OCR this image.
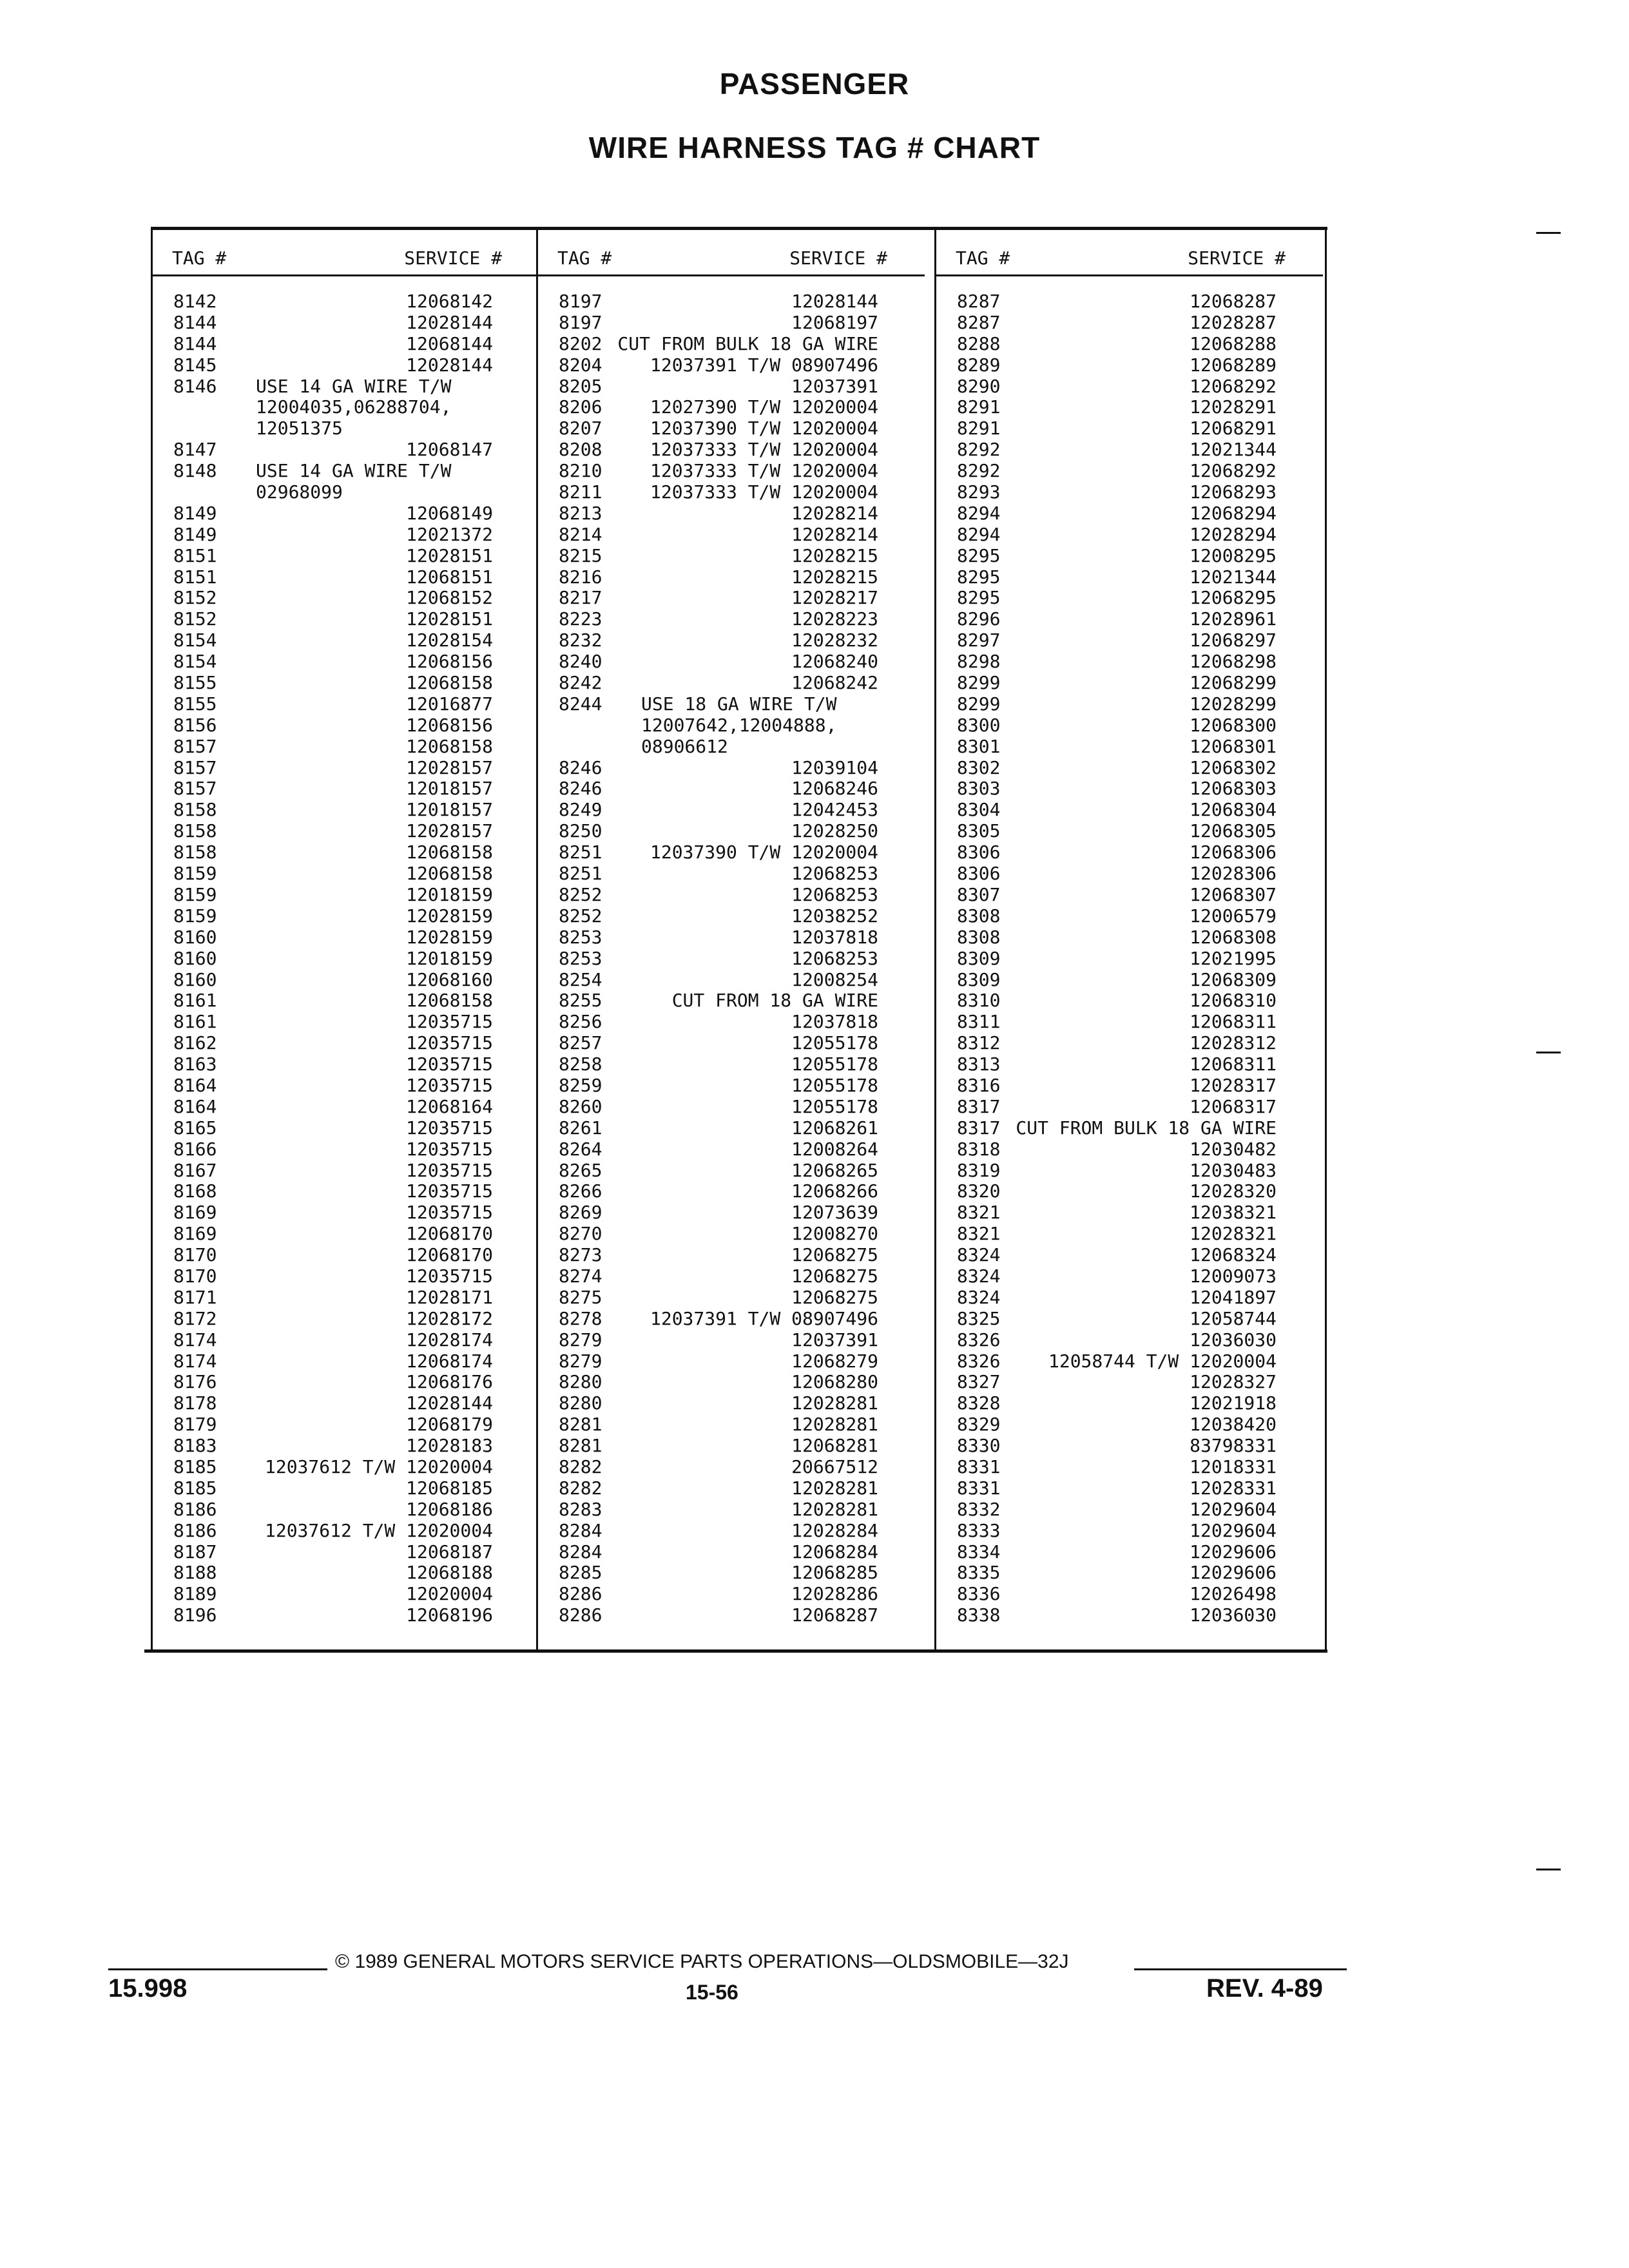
PASSENGER
WIRE HARNESS TAG # CHART
TAG #	SERVICE #
8142	12068142
8144	12028144
8144	12068144
8145	12028144
8146 USE 14 GA WIRE T/W
12004035,06288704,
12051375
8147	12068147
8148 USE 14 GA WIRE T/W
02968099
8149	12068149
8149	12021372
8151	12028151
8151	12068151
8152	12068152
8152	12028151
8154	12028154
8154	12068156
8155	12068158
8155	12016877
8156	12068156
8157	12068158
8157	12028157
8157	12018157
8158	12018157
8158	12028157
8158	12068158
8159	12068158
8159	12018159
8159	12028159
8160	12028159
8160	12018159
8160	12068160
8161	12068158
8161	12035715
8162	12035715
8163	12035715
8164	12035715
8164	12068164
8165	12035715
8166	12035715
8167	12035715
8168	12035715
8169	12035715
8169	12068170
8170	12068170
8170	12035715
8171	12028171
8172	12028172
8174	12028174
8174	12068174
8176	12068176
8178	12028144
8179	12068179
8183	12028183
8185	12037612 T/W 12020004
8185	12068185
8186	12068186
8186	12037612 T/W 12020004
8187	12068187
8188	12068188
8189	12020004
8196	12068196
TAG #	SERVICE #
8197	12028144
8197	12068197
8202 CUT FROM BULK 18 GA WIRE
8204	12037391 T/W 08907496
8205	12037391
8206	12027390 T/W 12020004
8207	12037390 T/W 12020004
8208	12037333 T/W 12020004
8210	12037333 T/W 12020004
8211	12037333 T/W 12020004
8213	12028214
8214	12028214
8215	12028215
8216	12028215
8217	12028217
8223	12028223
8232	12028232
8240	12068240
8242	12068242
8244 USE 18 GA WIRE T/W
12007642,12004888,
08906612
8246	12039104
8246	12068246
8249	12042453
8250	12028250
8251	12037390 T/W 12020004
8251	12068253
8252	12068253
8252	12038252
8253	12037818
8253	12068253
8254	12008254
8255	CUT FROM 18 GA WIRE
8256	12037818
8257	12055178
8258	12055178
8259	12055178
8260	12055178
8261	12068261
8264	12008264
8265	12068265
8266	12068266
8269	12073639
8270	12008270
8273	12068275
8274	12068275
8275	12068275
8278	12037391 T/W 08907496
8279	12037391
8279	12068279
8280	12068280
8280	12028281
8281	12028281
8281	12068281
8282	20667512
8282	12028281
8283	12028281
8284	12028284
8284	12068284
8285	12068285
8286	12028286
8286	12068287
TAG #	SERVICE #
8287	12068287
8287	12028287
8288	12068288
8289	12068289
8290	12068292
8291	12028291
8291	12068291
8292	12021344
8292	12068292
8293	12068293
8294	12068294
8294	12028294
8295	12008295
8295	12021344
8295	12068295
8296	12028961
8297	12068297
8298	12068298
8299	12068299
8299	12028299
8300	12068300
8301	12068301
8302	12068302
8303	12068303
8304	12068304
8305	12068305
8306	12068306
8306	12028306
8307	12068307
8308	12006579
8308	12068308
8309	12021995
8309	12068309
8310	12068310
8311	12068311
8312	12028312
8313	12068311
8316	12028317
8317	12068317
8317 CUT FROM BULK 18 GA WIRE
8318	12030482
8319	12030483
8320	12028320
8321	12038321
8321	12028321
8324	12068324
8324	12009073
8324	12041897
8325	12058744
8326	12036030
8326	12058744 T/W 12020004
8327	12028327
8328	12021918
8329	12038420
8330	83798331
8331	12018331
8331	12028331
8332	12029604
8333	12029604
8334	12029606
8335	12029606
8336	12026498
8338	12036030
© 1989 GENERAL MOTORS SERVICE PARTS OPERATIONS—OLDSMOBILE—32J
15.998	15-56	REV. 4-89
